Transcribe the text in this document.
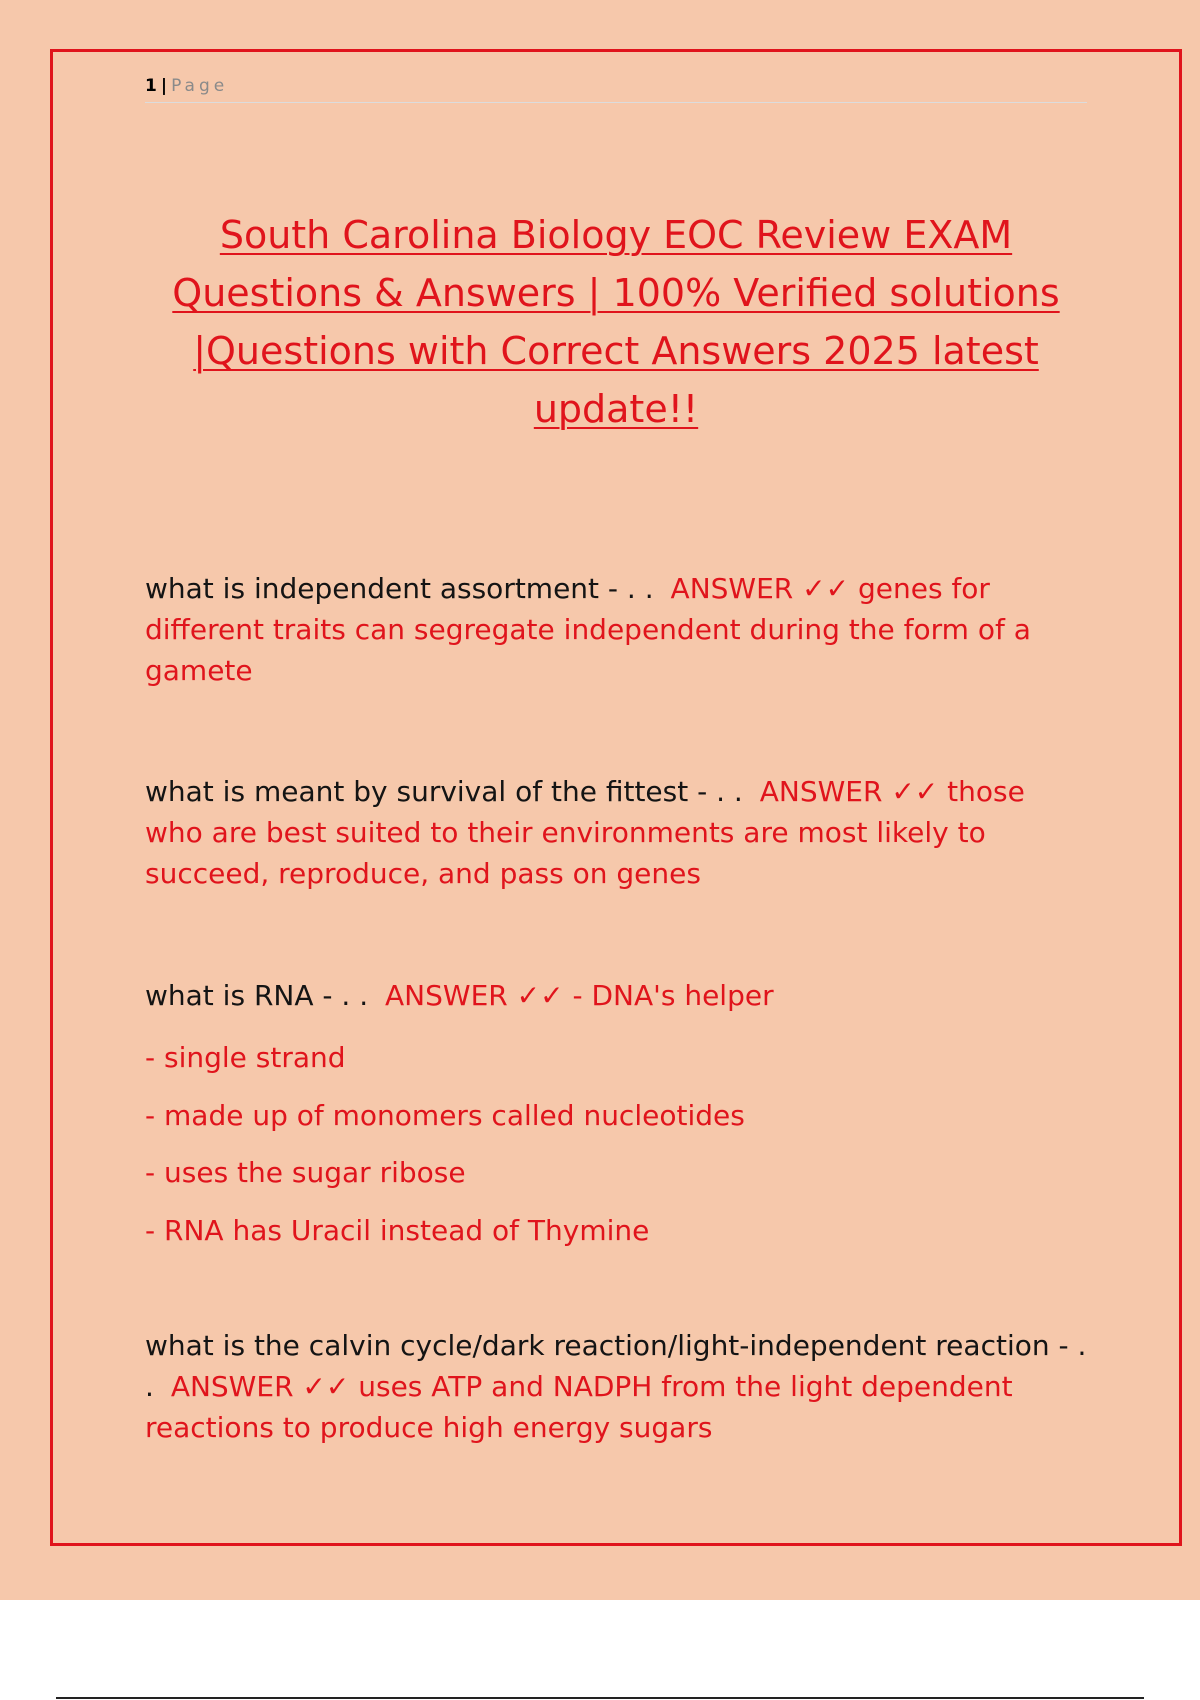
1 | Page
South Carolina Biology EOC Review EXAM Questions & Answers | 100% Verified solutions |Questions with Correct Answers 2025 latest update!!
what is independent assortment - . . ANSWER ✓✓ genes for different traits can segregate independent during the form of a gamete
what is meant by survival of the fittest - . . ANSWER ✓✓ those who are best suited to their environments are most likely to succeed, reproduce, and pass on genes
what is RNA - . . ANSWER ✓✓ - DNA's helper
- single strand
- made up of monomers called nucleotides
- uses the sugar ribose
- RNA has Uracil instead of Thymine
what is the calvin cycle/dark reaction/light-independent reaction - . . ANSWER ✓✓ uses ATP and NADPH from the light dependent reactions to produce high energy sugars
